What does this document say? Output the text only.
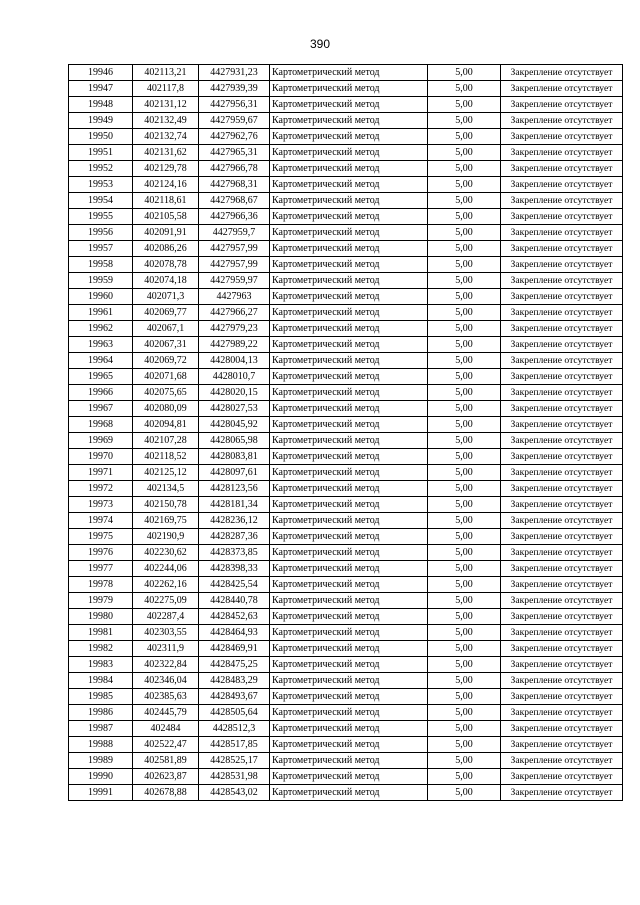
390
19946	402113,21	4427931,23	Картометрический метод	5,00	Закрепление отсутствует
19947	402117,8	4427939,39	Картометрический метод	5,00	Закрепление отсутствует
19948	402131,12	4427956,31	Картометрический метод	5,00	Закрепление отсутствует
19949	402132,49	4427959,67	Картометрический метод	5,00	Закрепление отсутствует
19950	402132,74	4427962,76	Картометрический метод	5,00	Закрепление отсутствует
19951	402131,62	4427965,31	Картометрический метод	5,00	Закрепление отсутствует
19952	402129,78	4427966,78	Картометрический метод	5,00	Закрепление отсутствует
19953	402124,16	4427968,31	Картометрический метод	5,00	Закрепление отсутствует
19954	402118,61	4427968,67	Картометрический метод	5,00	Закрепление отсутствует
19955	402105,58	4427966,36	Картометрический метод	5,00	Закрепление отсутствует
19956	402091,91	4427959,7	Картометрический метод	5,00	Закрепление отсутствует
19957	402086,26	4427957,99	Картометрический метод	5,00	Закрепление отсутствует
19958	402078,78	4427957,99	Картометрический метод	5,00	Закрепление отсутствует
19959	402074,18	4427959,97	Картометрический метод	5,00	Закрепление отсутствует
19960	402071,3	4427963	Картометрический метод	5,00	Закрепление отсутствует
19961	402069,77	4427966,27	Картометрический метод	5,00	Закрепление отсутствует
19962	402067,1	4427979,23	Картометрический метод	5,00	Закрепление отсутствует
19963	402067,31	4427989,22	Картометрический метод	5,00	Закрепление отсутствует
19964	402069,72	4428004,13	Картометрический метод	5,00	Закрепление отсутствует
19965	402071,68	4428010,7	Картометрический метод	5,00	Закрепление отсутствует
19966	402075,65	4428020,15	Картометрический метод	5,00	Закрепление отсутствует
19967	402080,09	4428027,53	Картометрический метод	5,00	Закрепление отсутствует
19968	402094,81	4428045,92	Картометрический метод	5,00	Закрепление отсутствует
19969	402107,28	4428065,98	Картометрический метод	5,00	Закрепление отсутствует
19970	402118,52	4428083,81	Картометрический метод	5,00	Закрепление отсутствует
19971	402125,12	4428097,61	Картометрический метод	5,00	Закрепление отсутствует
19972	402134,5	4428123,56	Картометрический метод	5,00	Закрепление отсутствует
19973	402150,78	4428181,34	Картометрический метод	5,00	Закрепление отсутствует
19974	402169,75	4428236,12	Картометрический метод	5,00	Закрепление отсутствует
19975	402190,9	4428287,36	Картометрический метод	5,00	Закрепление отсутствует
19976	402230,62	4428373,85	Картометрический метод	5,00	Закрепление отсутствует
19977	402244,06	4428398,33	Картометрический метод	5,00	Закрепление отсутствует
19978	402262,16	4428425,54	Картометрический метод	5,00	Закрепление отсутствует
19979	402275,09	4428440,78	Картометрический метод	5,00	Закрепление отсутствует
19980	402287,4	4428452,63	Картометрический метод	5,00	Закрепление отсутствует
19981	402303,55	4428464,93	Картометрический метод	5,00	Закрепление отсутствует
19982	402311,9	4428469,91	Картометрический метод	5,00	Закрепление отсутствует
19983	402322,84	4428475,25	Картометрический метод	5,00	Закрепление отсутствует
19984	402346,04	4428483,29	Картометрический метод	5,00	Закрепление отсутствует
19985	402385,63	4428493,67	Картометрический метод	5,00	Закрепление отсутствует
19986	402445,79	4428505,64	Картометрический метод	5,00	Закрепление отсутствует
19987	402484	4428512,3	Картометрический метод	5,00	Закрепление отсутствует
19988	402522,47	4428517,85	Картометрический метод	5,00	Закрепление отсутствует
19989	402581,89	4428525,17	Картометрический метод	5,00	Закрепление отсутствует
19990	402623,87	4428531,98	Картометрический метод	5,00	Закрепление отсутствует
19991	402678,88	4428543,02	Картометрический метод	5,00	Закрепление отсутствует
